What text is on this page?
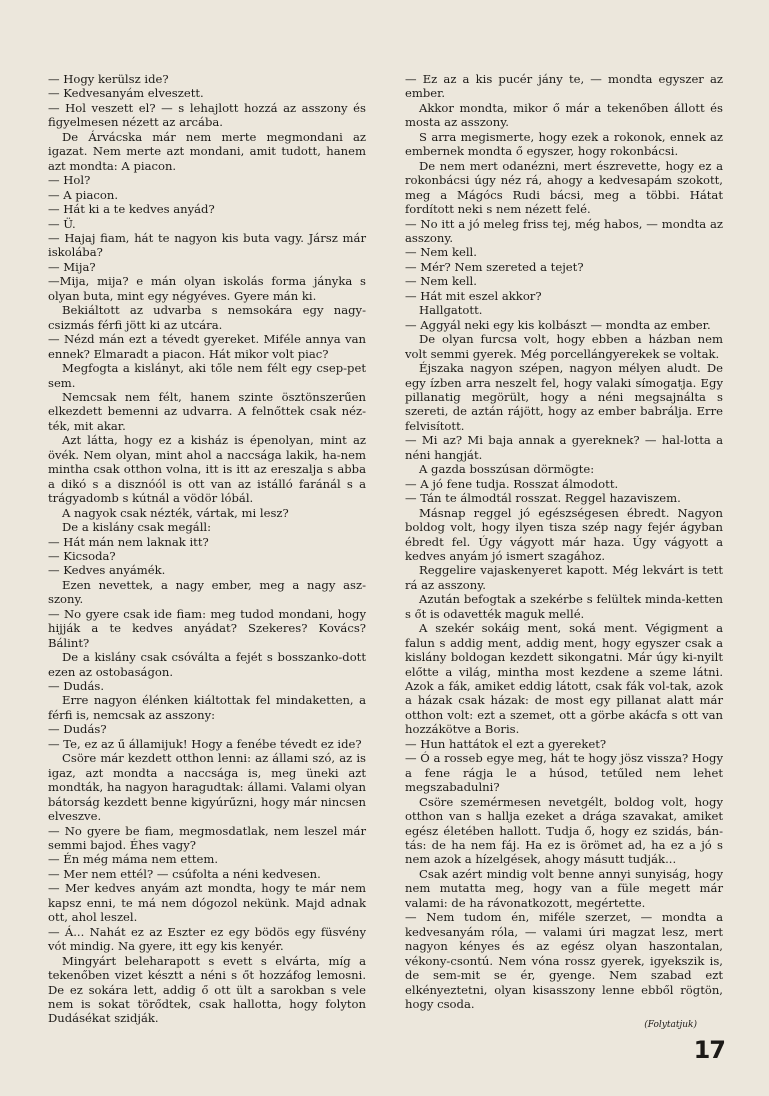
— Hogy kerülsz ide?

— Kedvesanyám elveszett.

— Hol veszett el? — s lehajlott hozzá az asszony és figyelmesen nézett az arcába.

De Árvácska már nem merte megmondani az igazat. Nem merte azt mondani, amit tudott, hanem azt mondta: A piacon.

— Hol?

— A piacon.

— Hát ki a te kedves anyád?

— Ü.

— Hajaj fiam, hát te nagyon kis buta vagy. Jársz már iskolába?

— Mija?

—Mija, mija? e mán olyan iskolás forma jányka s olyan buta, mint egy négyéves. Gyere mán ki.

Bekiáltott az udvarba s nemsokára egy nagy-csizmás férfi jött ki az utcára.

— Nézd mán ezt a tévedt gyereket. Miféle annya van ennek? Elmaradt a piacon. Hát mikor volt piac?

Megfogta a kislányt, aki tőle nem félt egy csep-pet sem.

Nemcsak nem félt, hanem szinte ösztönszerűen elkezdett bemenni az udvarra. A felnőttek csak néz-ték, mit akar.

Azt látta, hogy ez a kisház is épenolyan, mint az övék. Nem olyan, mint ahol a naccsága lakik, ha-nem mintha csak otthon volna, itt is itt az ereszalja s abba a dikó s a disznóól is ott van az istálló faránál s a trágyadomb s kútnál a vödör lóbál.

A nagyok csak nézték, vártak, mi lesz?

De a kislány csak megáll:

— Hát mán nem laknak itt?

— Kicsoda?

— Kedves anyámék.

Ezen nevettek, a nagy ember, meg a nagy asz-szony.

— No gyere csak ide fiam: meg tudod mondani, hogy hijják a te kedves anyádat? Szekeres? Kovács? Bálint?

De a kislány csak csóválta a fejét s bosszanko-dott ezen az ostobaságon.

— Dudás.

Erre nagyon élénken kiáltottak fel mindaketten, a férfi is, nemcsak az asszony:

— Dudás?

— Te, ez az ű államijuk! Hogy a fenébe tévedt ez ide?

Csöre már kezdett otthon lenni: az állami szó, az is igaz, azt mondta a naccsága is, meg üneki azt mondták, ha nagyon haragudtak: állami. Valami olyan bátorság kezdett benne kigyúrűzni, hogy már nincsen elveszve.

— No gyere be fiam, megmosdatlak, nem leszel már semmi bajod. Éhes vagy?

— Én még máma nem ettem.

— Mer nem ettél? — csúfolta a néni kedvesen.

— Mer kedves anyám azt mondta, hogy te már nem kapsz enni, te má nem dógozol nekünk. Majd adnak ott, ahol leszel.

— Á... Nahát ez az Eszter ez egy bödös egy füsvény vót mindig. Na gyere, itt egy kis kenyér.

Mingyárt beleharapott s evett s elvárta, míg a tekenőben vizet késztt a néni s őt hozzáfog lemosni. De ez sokára lett, addig ő ott ült a sarokban s vele nem is sokat törődtek, csak hallotta, hogy folyton Dudásékat szidják.

— Ez az a kis pucér jány te, — mondta egyszer az ember.

Akkor mondta, mikor ő már a tekenőben állott és mosta az asszony.

S arra megismerte, hogy ezek a rokonok, ennek az embernek mondta ő egyszer, hogy rokonbácsi.

De nem mert odanézni, mert észrevette, hogy ez a rokonbácsi úgy néz rá, ahogy a kedvesapám szokott, meg a Mágócs Rudi bácsi, meg a többi. Hátat fordított neki s nem nézett felé.

— No itt a jó meleg friss tej, még habos, — mondta az asszony.

— Nem kell.

— Mér? Nem szereted a tejet?

— Nem kell.

— Hát mit eszel akkor?

Hallgatott.

— Aggyál neki egy kis kolbászt — mondta az ember.

De olyan furcsa volt, hogy ebben a házban nem volt semmi gyerek. Még porcellángyerekek se voltak.

Éjszaka nagyon szépen, nagyon mélyen aludt. De egy ízben arra neszelt fel, hogy valaki símogatja. Egy pillanatig megörült, hogy a néni megsajnálta s szereti, de aztán rájött, hogy az ember babrálja. Erre felvisított.

— Mi az? Mi baja annak a gyereknek? — hal-lotta a néni hangját.

A gazda bosszúsan dörmögte:

— A jó fene tudja. Rosszat álmodott.

— Tán te álmodtál rosszat. Reggel hazaviszem.

Másnap reggel jó egészségesen ébredt. Nagyon boldog volt, hogy ilyen tisza szép nagy fejér ágyban ébredt fel. Úgy vágyott már haza. Úgy vágyott a kedves anyám jó ismert szagához.

Reggelire vajaskenyeret kapott. Még lekvárt is tett rá az asszony.

Azután befogtak a szekérbe s felültek minda-ketten s őt is odavették maguk mellé.

A szekér sokáig ment, soká ment. Végigment a falun s addig ment, addig ment, hogy egyszer csak a kislány boldogan kezdett sikongatni. Már úgy ki-nyilt előtte a világ, mintha most kezdene a szeme látni. Azok a fák, amiket eddig látott, csak fák vol-tak, azok a házak csak házak: de most egy pillanat alatt már otthon volt: ezt a szemet, ott a görbe akácfa s ott van hozzákötve a Boris.

— Hun hattátok el ezt a gyereket?

— Ó a rosseb egye meg, hát te hogy jösz vissza? Hogy a fene rágja le a húsod, tetűled nem lehet megszabadulni?

Csöre szemérmesen nevetgélt, boldog volt, hogy otthon van s hallja ezeket a drága szavakat, amiket egész életében hallott. Tudja ő, hogy ez szidás, bán-tás: de ha nem fáj. Ha ez is örömet ad, ha ez a jó s nem azok a hízelgések, ahogy másutt tudják...

Csak azért mindig volt benne annyi sunyiság, hogy nem mutatta meg, hogy van a füle megett már valami: de ha rávonatkozott, megértette.

— Nem tudom én, miféle szerzet, — mondta a kedvesanyám róla, — valami úri magzat lesz, mert nagyon kényes és az egész olyan haszontalan, vékony-csontú. Nem vóna rossz gyerek, igyekszik is, de sem-mit se ér, gyenge. Nem szabad ezt elkényeztetni, olyan kisasszony lenne ebből rögtön, hogy csoda.

(Folytatjuk)
17
